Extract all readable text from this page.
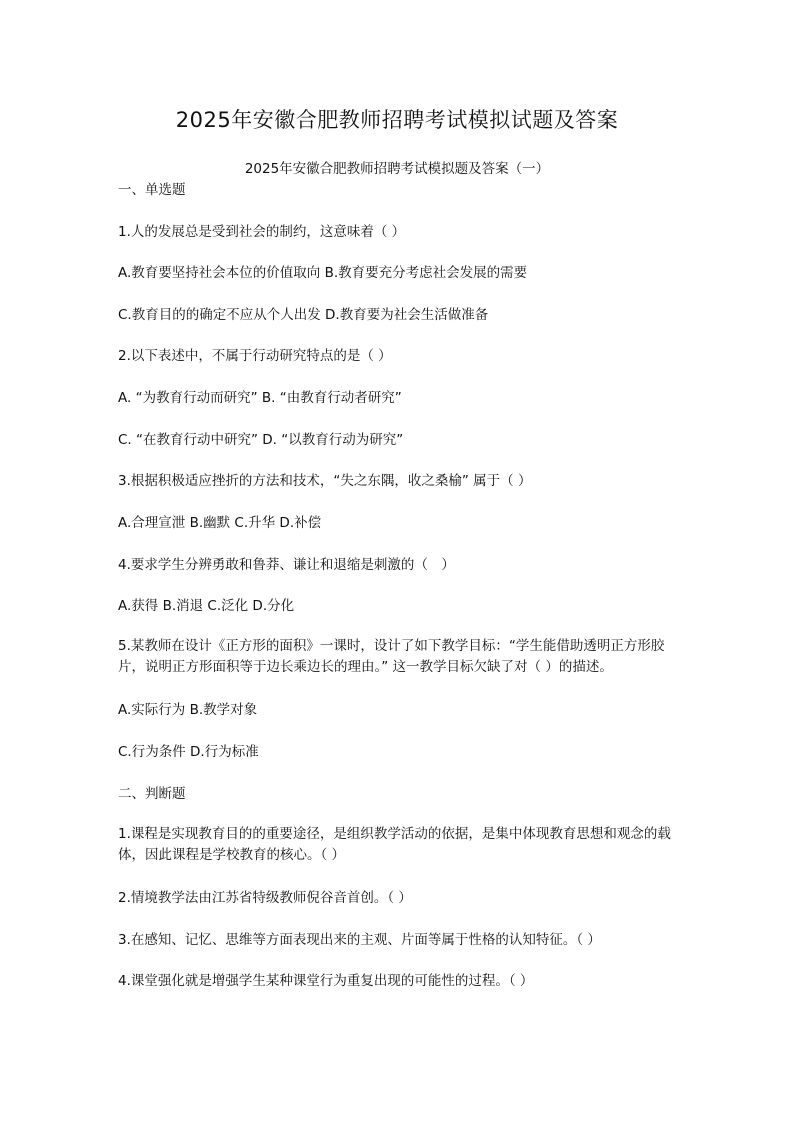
2025年安徽合肥教师招聘考试模拟试题及答案
2025年安徽合肥教师招聘考试模拟题及答案（一）
一、单选题
1.人的发展总是受到社会的制约，这意味着（ ）
A.教育要坚持社会本位的价值取向 B.教育要充分考虑社会发展的需要
C.教育目的的确定不应从个人出发 D.教育要为社会生活做准备
2.以下表述中，不属于行动研究特点的是（ ）
A. “为教育行动而研究” B. “由教育行动者研究”
C. “在教育行动中研究” D. “以教育行动为研究”
3.根据积极适应挫折的方法和技术，“失之东隅，收之桑榆” 属于（ ）
A.合理宣泄 B.幽默 C.升华 D.补偿
4.要求学生分辨勇敢和鲁莽、谦让和退缩是刺激的（　）
A.获得 B.消退 C.泛化 D.分化
5.某教师在设计《正方形的面积》一课时，设计了如下教学目标：“学生能借助透明正方形胶片，说明正方形面积等于边长乘边长的理由。” 这一教学目标欠缺了对（ ）的描述。
A.实际行为 B.教学对象
C.行为条件 D.行为标准
二、判断题
1.课程是实现教育目的的重要途径，是组织教学活动的依据，是集中体现教育思想和观念的载体，因此课程是学校教育的核心。（ ）
2.情境教学法由江苏省特级教师倪谷音首创。（ ）
3.在感知、记忆、思维等方面表现出来的主观、片面等属于性格的认知特征。（ ）
4.课堂强化就是增强学生某种课堂行为重复出现的可能性的过程。（ ）
